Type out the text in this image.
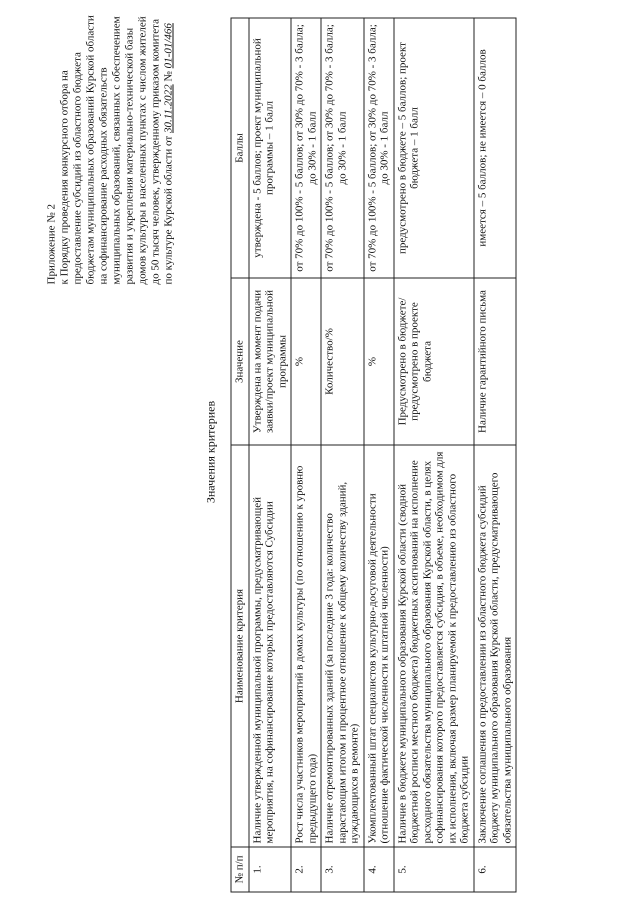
Приложение № 2 к Порядку проведения конкурсного отбора на предоставление субсидий из областного бюджета бюджетам муниципальных образований Курской области на софинансирование расходных обязательств муниципальных образований, связанных с обеспечением развития и укрепления материально-технической базы домов культуры в населенных пунктах с числом жителей до 50 тысяч человек, утвержденному приказом комитета по культуре Курской области от 30.11.2022 № 01-01/466
Значения критериев
№ п/п	Наименование критерия	Значение	Баллы
1.	Наличие утвержденной муниципальной программы, предусматривающей мероприятия, на софинансирование которых предоставляются Субсидии	Утверждена на момент подачи заявки/проект муниципальной программы	утверждена - 5 баллов; проект муниципальной программы – 1 балл
2.	Рост числа участников мероприятий в домах культуры (по отношению к уровню предыдущего года)	%	от 70% до 100% - 5 баллов; от 30% до 70% - 3 балла; до 30% - 1 балл
3.	Наличие отремонтированных зданий (за последние 3 года: количество нарастающим итогом и процентное отношение к общему количеству зданий, нуждающихся в ремонте)	Количество/%	от 70% до 100% - 5 баллов; от 30% до 70% - 3 балла; до 30% - 1 балл
4.	Укомплектованный штат специалистов культурно-досуговой деятельности (отношение фактической численности к штатной численности)	%	от 70% до 100% - 5 баллов; от 30% до 70% - 3 балла; до 30% - 1 балл
5.	Наличие в бюджете муниципального образования Курской области (сводной бюджетной росписи местного бюджета) бюджетных ассигнований на исполнение расходного обязательства муниципального образования Курской области, в целях софинансирования которого предоставляется субсидия, в объеме, необходимом для их исполнения, включая размер планируемой к предоставлению из областного бюджета субсидии	Предусмотрено в бюджете/предусмотрено в проекте бюджета	предусмотрено в бюджете – 5 баллов; проект бюджета – 1 балл
6.	Заключение соглашения о предоставлении из областного бюджета субсидий бюджету муниципального образования Курской области, предусматривающего обязательства муниципального образования	Наличие гарантийного письма	имеется – 5 баллов; не имеется – 0 баллов
